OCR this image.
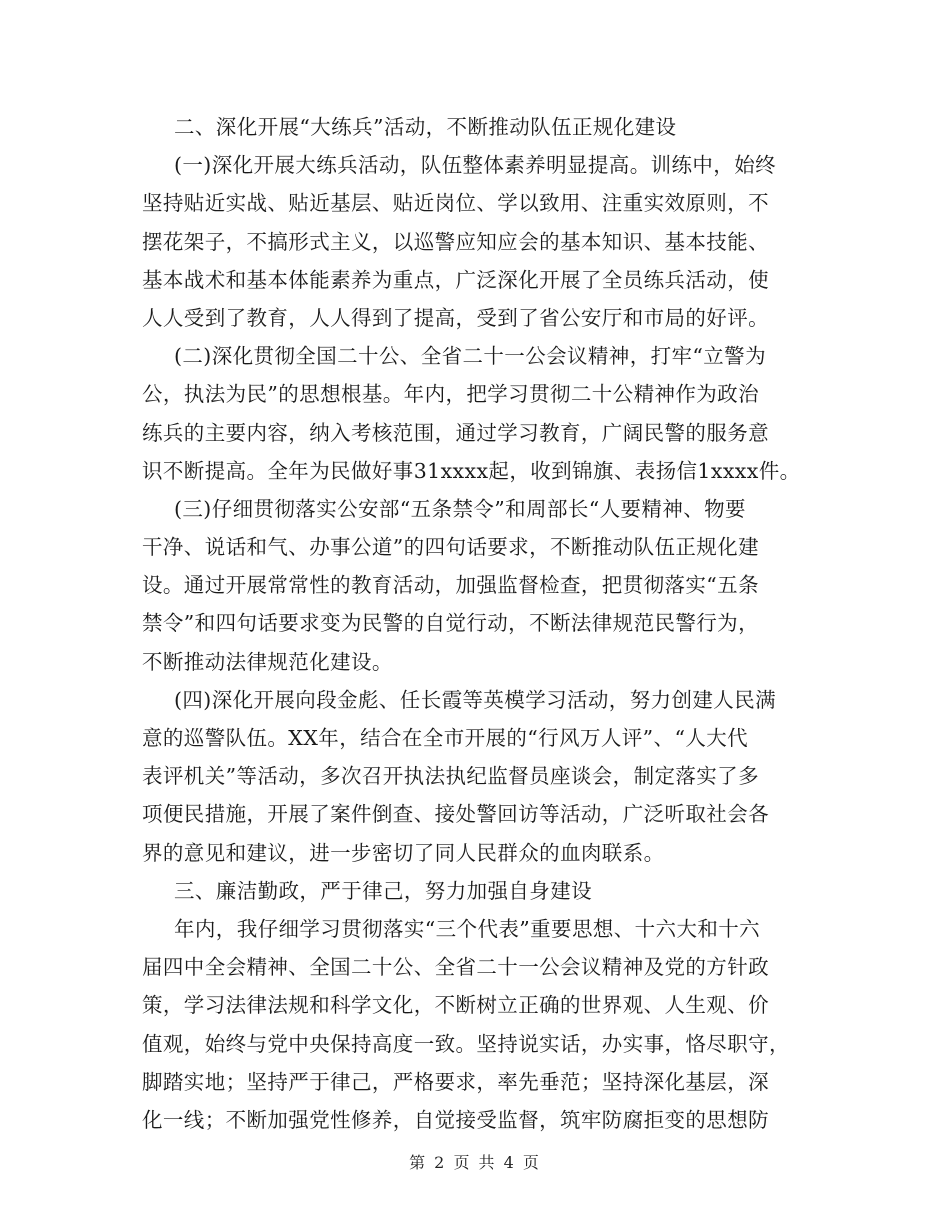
二、深化开展“大练兵”活动，不断推动队伍正规化建设
(一)深化开展大练兵活动，队伍整体素养明显提高。训练中，始终
坚持贴近实战、贴近基层、贴近岗位、学以致用、注重实效原则，不
摆花架子，不搞形式主义，以巡警应知应会的基本知识、基本技能、
基本战术和基本体能素养为重点，广泛深化开展了全员练兵活动，使
人人受到了教育，人人得到了提高，受到了省公安厅和市局的好评。
(二)深化贯彻全国二十公、全省二十一公会议精神，打牢“立警为
公，执法为民”的思想根基。年内，把学习贯彻二十公精神作为政治
练兵的主要内容，纳入考核范围，通过学习教育，广阔民警的服务意
识不断提高。全年为民做好事31xxxx起，收到锦旗、表扬信1xxxx件。
(三)仔细贯彻落实公安部“五条禁令”和周部长“人要精神、物要
干净、说话和气、办事公道”的四句话要求，不断推动队伍正规化建
设。通过开展常常性的教育活动，加强监督检查，把贯彻落实“五条
禁令”和四句话要求变为民警的自觉行动，不断法律规范民警行为，
不断推动法律规范化建设。
(四)深化开展向段金彪、任长霞等英模学习活动，努力创建人民满
意的巡警队伍。XX年，结合在全市开展的“行风万人评”、“人大代
表评机关”等活动，多次召开执法执纪监督员座谈会，制定落实了多
项便民措施，开展了案件倒查、接处警回访等活动，广泛听取社会各
界的意见和建议，进一步密切了同人民群众的血肉联系。
三、廉洁勤政，严于律己，努力加强自身建设
年内，我仔细学习贯彻落实“三个代表”重要思想、十六大和十六
届四中全会精神、全国二十公、全省二十一公会议精神及党的方针政
策，学习法律法规和科学文化，不断树立正确的世界观、人生观、价
值观，始终与党中央保持高度一致。坚持说实话，办实事，恪尽职守，
脚踏实地；坚持严于律己，严格要求，率先垂范；坚持深化基层，深
化一线；不断加强党性修养，自觉接受监督，筑牢防腐拒变的思想防
第 2 页 共 4 页
